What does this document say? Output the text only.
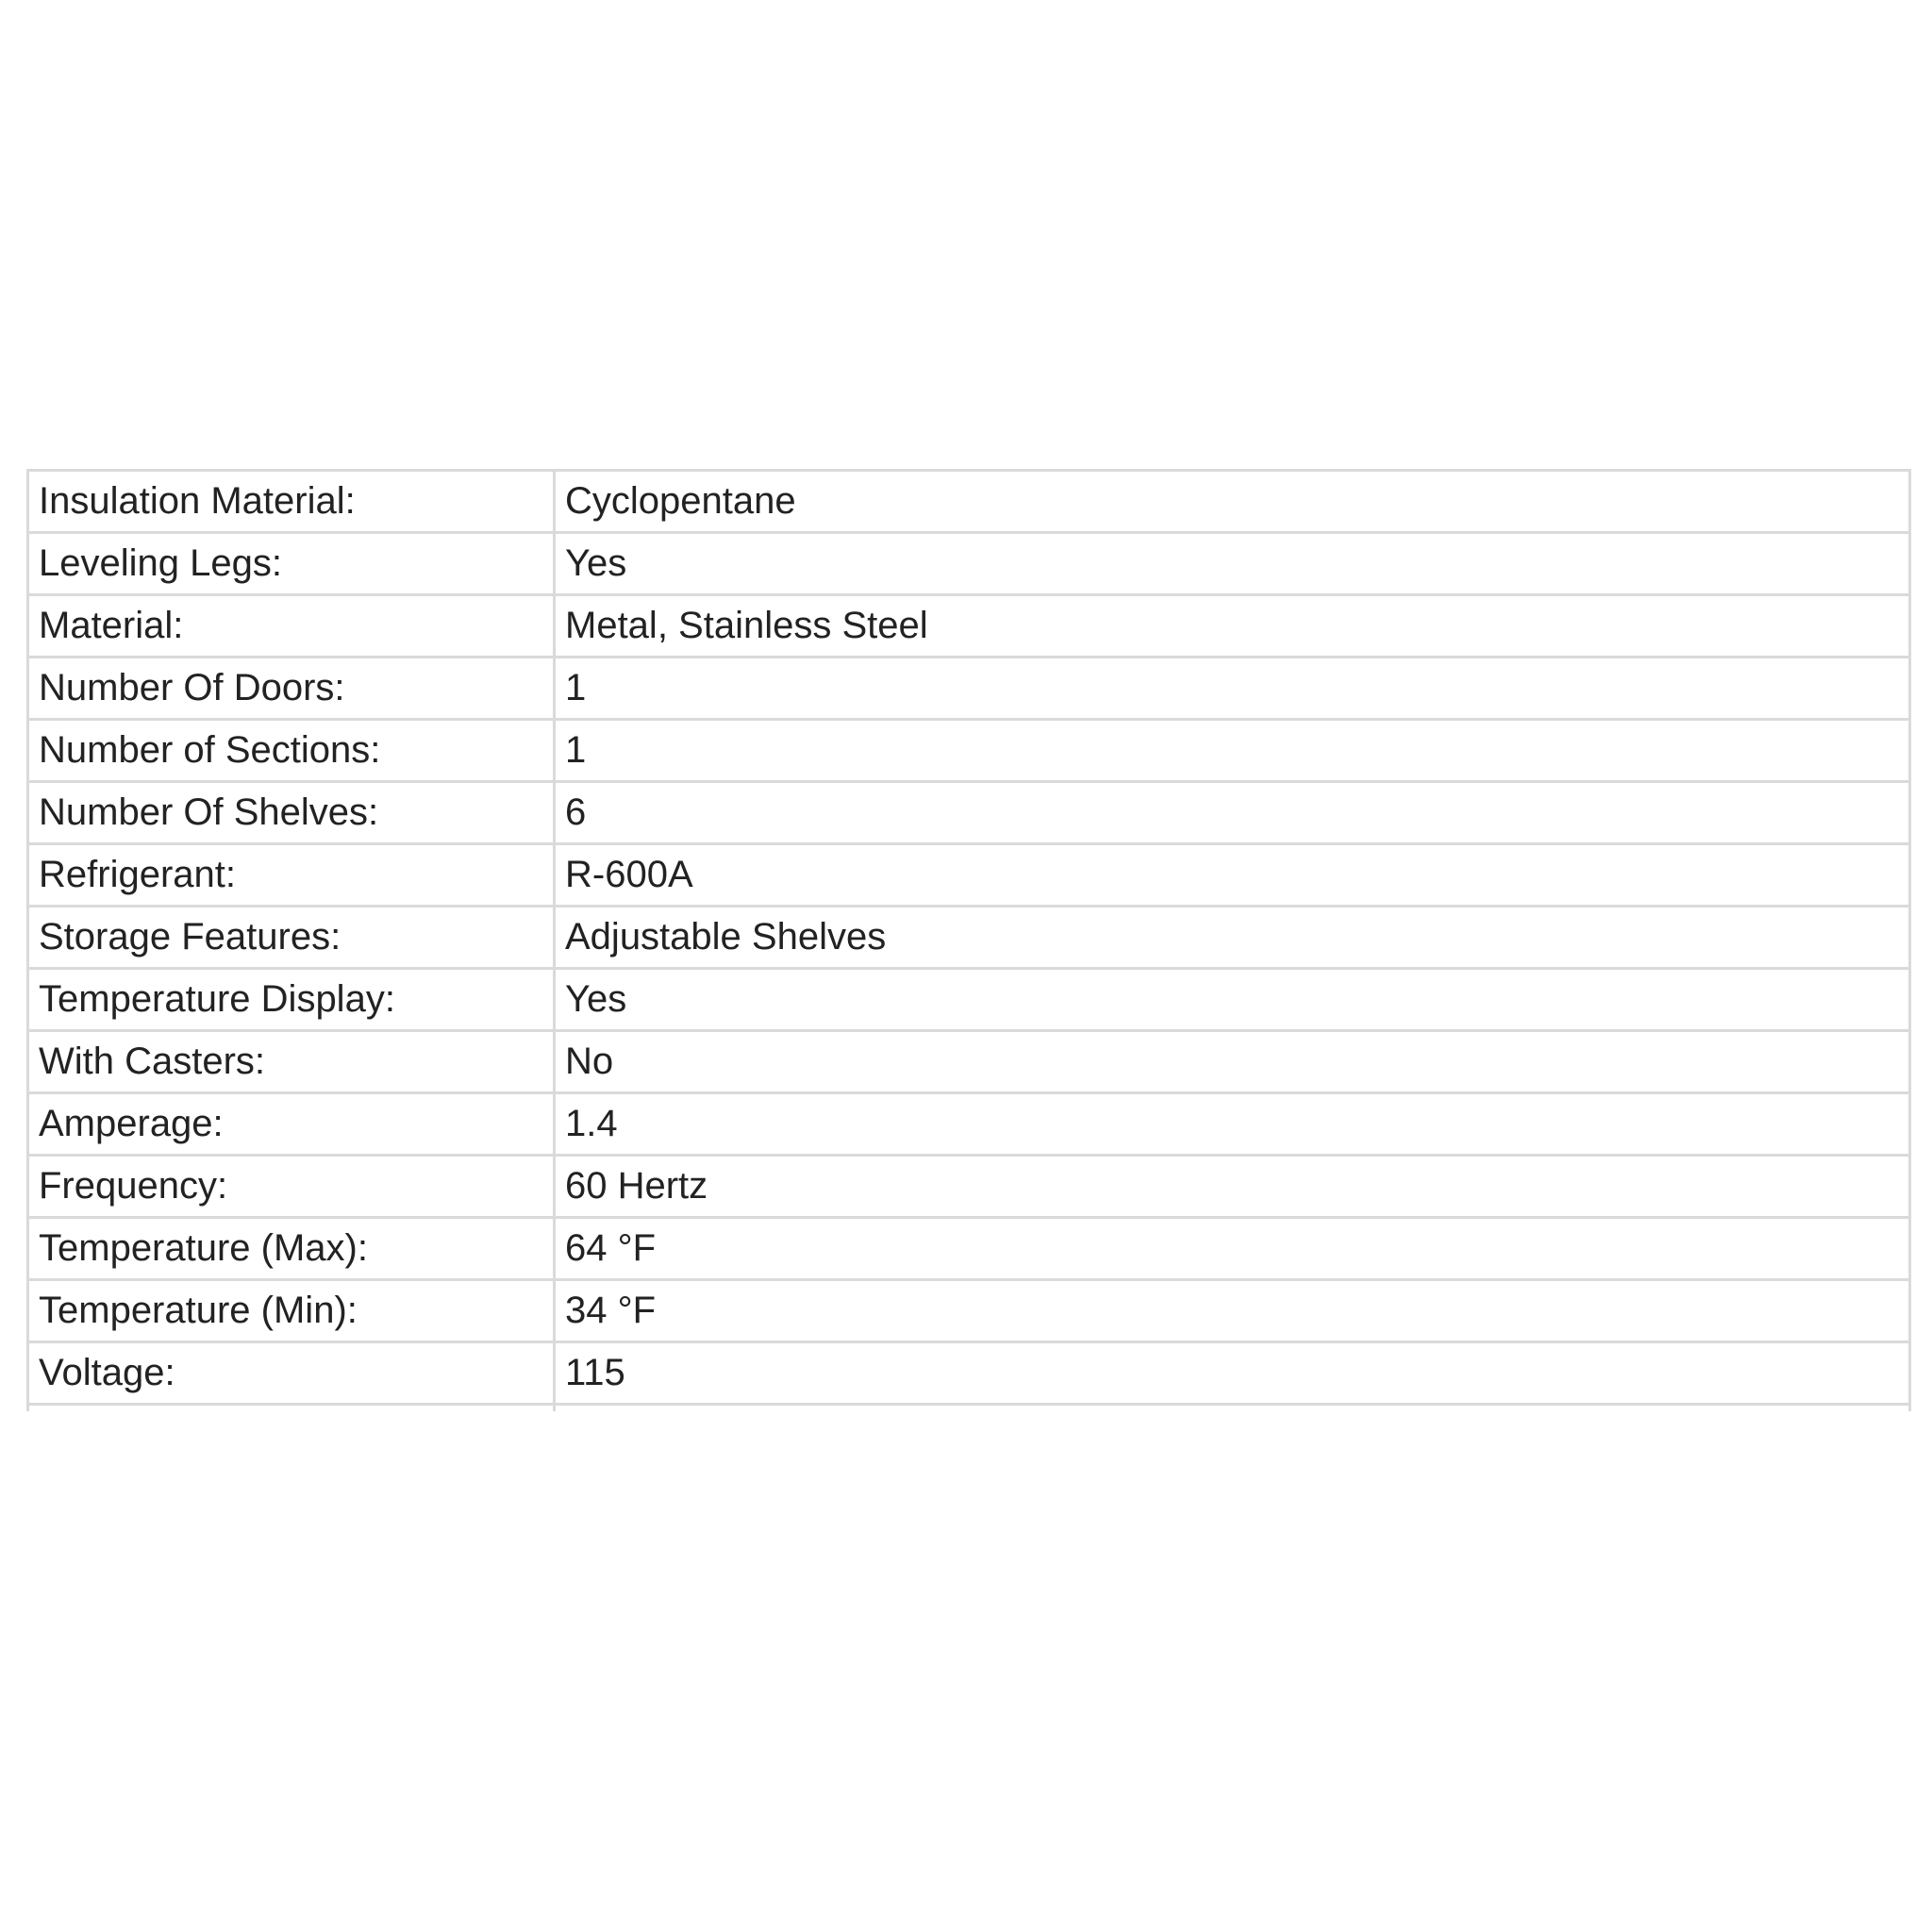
Insulation Material:	Cyclopentane
Leveling Legs:	Yes
Material:	Metal, Stainless Steel
Number Of Doors:	1
Number of Sections:	1
Number Of Shelves:	6
Refrigerant:	R-600A
Storage Features:	Adjustable Shelves
Temperature Display:	Yes
With Casters:	No
Amperage:	1.4
Frequency:	60 Hertz
Temperature (Max):	64 °F
Temperature (Min):	34 °F
Voltage:	115
